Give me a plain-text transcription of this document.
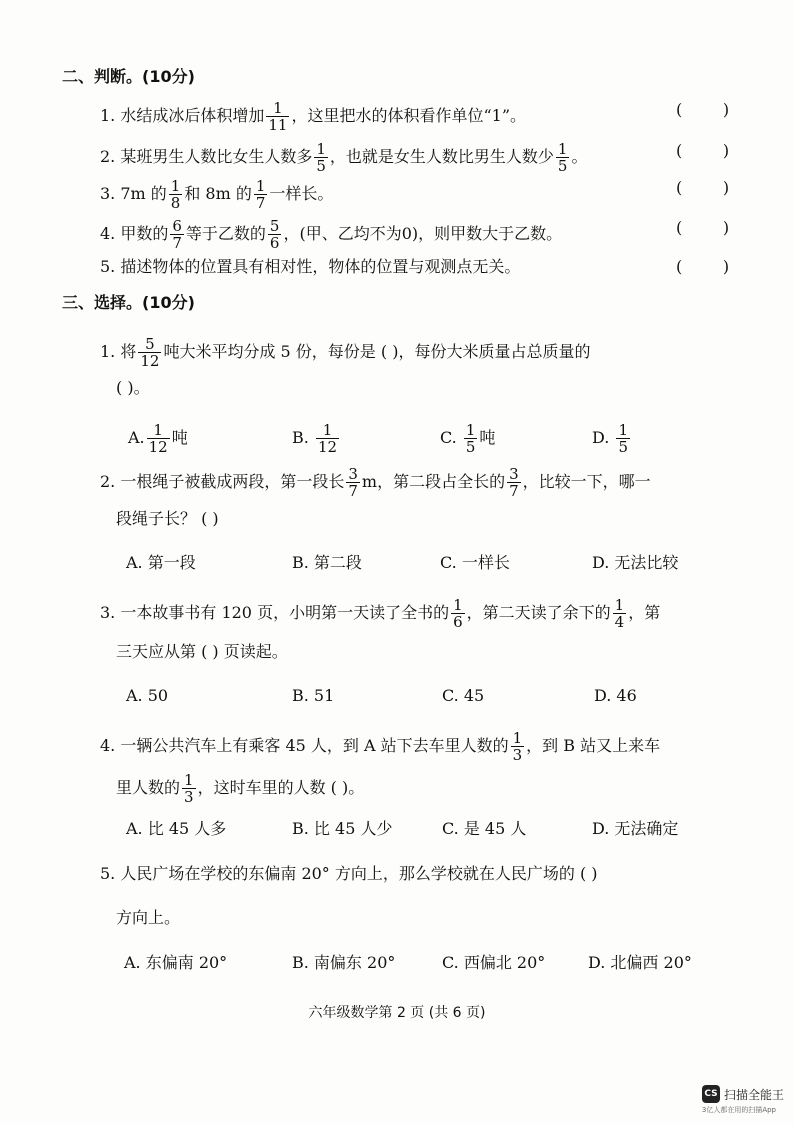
二、判断。(10分)
1. 水结成冰后体积增加 $\frac{1}{11}$ ，这里把水的体积看作单位“1”。	(        )
2. 某班男生人数比女生人数多 $\frac{1}{5}$ ，也就是女生人数比男生人数少 $\frac{1}{5}$ 。	(        )
3. 7m 的 $\frac{1}{8}$ 和 8m 的 $\frac{1}{7}$ 一样长。	(        )
4. 甲数的 $\frac{6}{7}$ 等于乙数的 $\frac{5}{6}$ ，(甲、乙均不为0)，则甲数大于乙数。	(        )
5. 描述物体的位置具有相对性，物体的位置与观测点无关。	(        )
三、选择。(10分)
1. 将 $\frac{5}{12}$ 吨大米平均分成 5 份，每份是 ( )，每份大米质量占总质量的
( )。
A. $\frac{1}{12}$ 吨	B. $\frac{1}{12}$	C. $\frac{1}{5}$ 吨	D. $\frac{1}{5}$
2. 一根绳子被截成两段，第一段长 $\frac{3}{7}$ m，第二段占全长的 $\frac{3}{7}$ ，比较一下，哪一
段绳子长？ ( )
A. 第一段	B. 第二段	C. 一样长	D. 无法比较
3. 一本故事书有 120 页，小明第一天读了全书的 $\frac{1}{6}$ ，第二天读了余下的 $\frac{1}{4}$ ，第
三天应从第 ( ) 页读起。
A. 50	B. 51	C. 45	D. 46
4. 一辆公共汽车上有乘客 45 人，到 A 站下去车里人数的 $\frac{1}{3}$ ，到 B 站又上来车
里人数的 $\frac{1}{3}$ ，这时车里的人数 ( )。
A. 比 45 人多	B. 比 45 人少	C. 是 45 人	D. 无法确定
5. 人民广场在学校的东偏南 20° 方向上，那么学校就在人民广场的 ( )
方向上。
A. 东偏南 20°	B. 南偏东 20°	C. 西偏北 20°	D. 北偏西 20°
六年级数学第 2 页 (共 6 页)
CS 扫描全能王
3亿人都在用的扫描App
